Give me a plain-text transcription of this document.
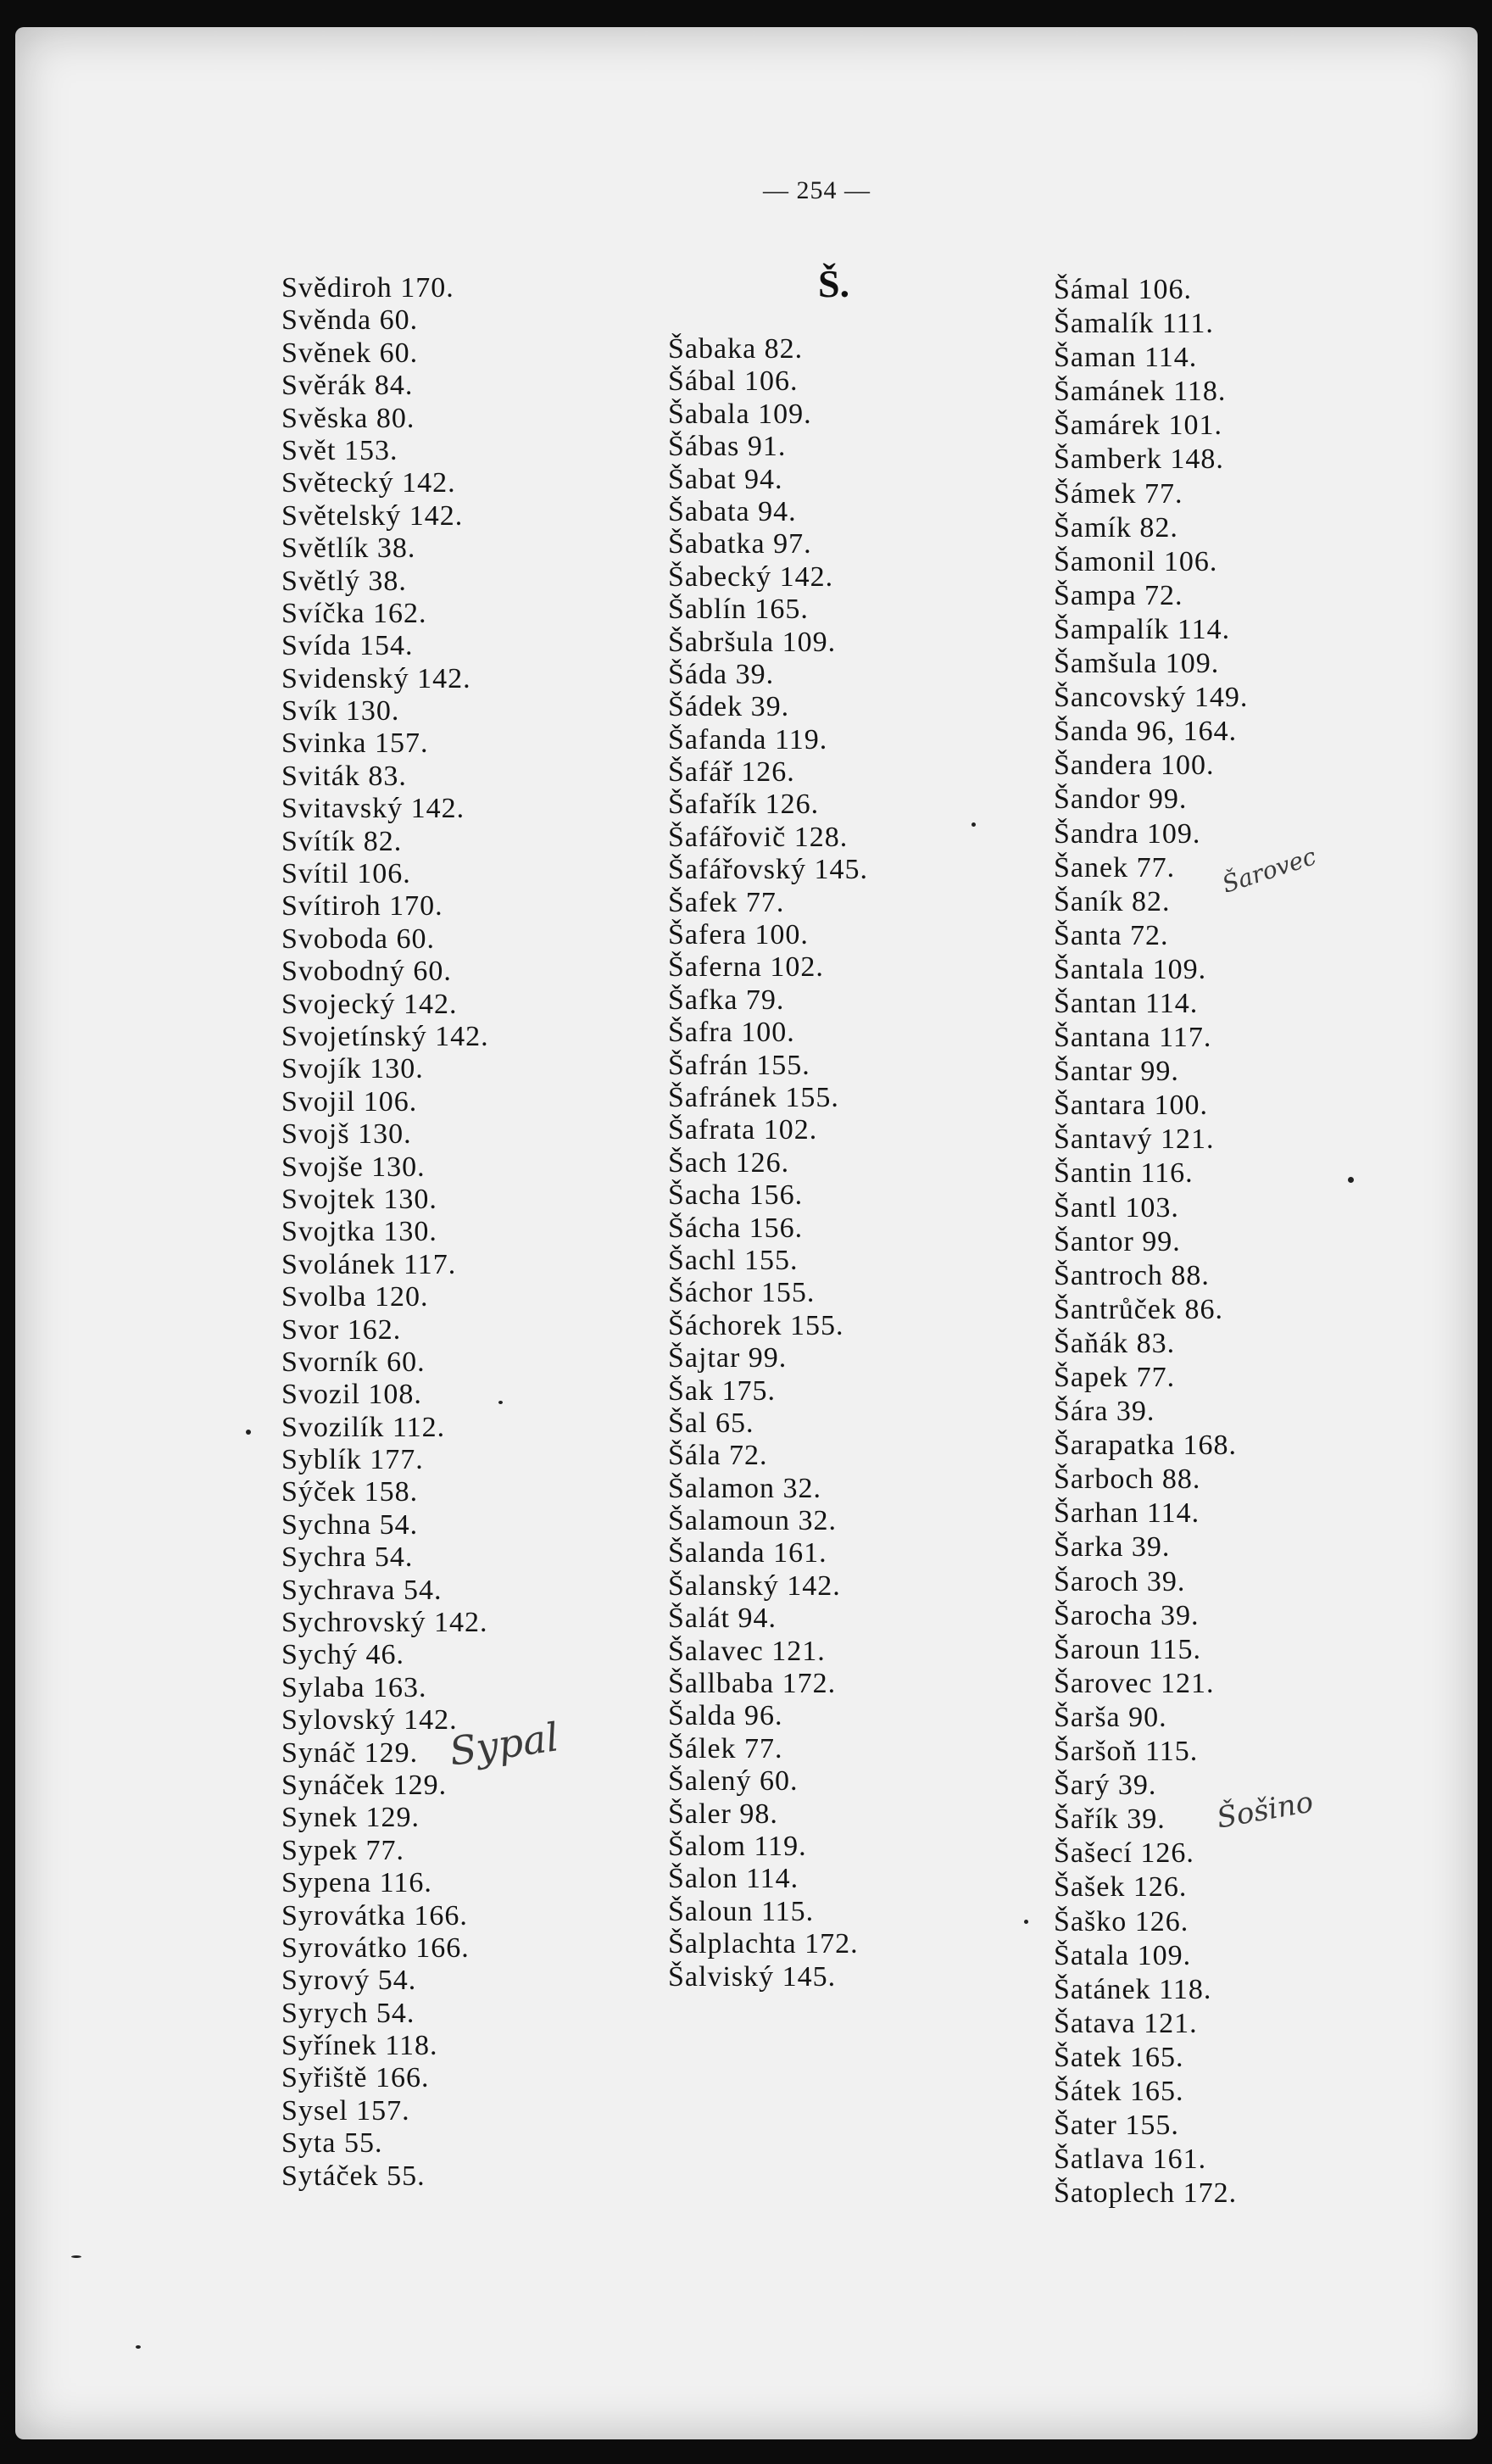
— 254 —
Š.
Svědiroh 170.
Svěnda 60.
Svěnek 60.
Svěrák 84.
Svěska 80.
Svět 153.
Světecký 142.
Světelský 142.
Světlík 38.
Světlý 38.
Svíčka 162.
Svída 154.
Svidenský 142.
Svík 130.
Svinka 157.
Sviták 83.
Svitavský 142.
Svítík 82.
Svítil 106.
Svítiroh 170.
Svoboda 60.
Svobodný 60.
Svojecký 142.
Svojetínský 142.
Svojík 130.
Svojil 106.
Svojš 130.
Svojše 130.
Svojtek 130.
Svojtka 130.
Svolánek 117.
Svolba 120.
Svor 162.
Svorník 60.
Svozil 108.
Svozilík 112.
Syblík 177.
Sýček 158.
Sychna 54.
Sychra 54.
Sychrava 54.
Sychrovský 142.
Sychý 46.
Sylaba 163.
Sylovský 142.
Synáč 129.
Synáček 129.
Synek 129.
Sypek 77.
Sypena 116.
Syrovátka 166.
Syrovátko 166.
Syrový 54.
Syrych 54.
Syřínek 118.
Syřiště 166.
Sysel 157.
Syta 55.
Sytáček 55.
Šabaka 82.
Šábal 106.
Šabala 109.
Šábas 91.
Šabat 94.
Šabata 94.
Šabatka 97.
Šabecký 142.
Šablín 165.
Šabršula 109.
Šáda 39.
Šádek 39.
Šafanda 119.
Šafář 126.
Šafařík 126.
Šafářovič 128.
Šafářovský 145.
Šafek 77.
Šafera 100.
Šaferna 102.
Šafka 79.
Šafra 100.
Šafrán 155.
Šafránek 155.
Šafrata 102.
Šach 126.
Šacha 156.
Šácha 156.
Šachl 155.
Šáchor 155.
Šáchorek 155.
Šajtar 99.
Šak 175.
Šal 65.
Šála 72.
Šalamon 32.
Šalamoun 32.
Šalanda 161.
Šalanský 142.
Šalát 94.
Šalavec 121.
Šallbaba 172.
Šalda 96.
Šálek 77.
Šalený 60.
Šaler 98.
Šalom 119.
Šalon 114.
Šaloun 115.
Šalplachta 172.
Šalviský 145.
Šámal 106.
Šamalík 111.
Šaman 114.
Šamánek 118.
Šamárek 101.
Šamberk 148.
Šámek 77.
Šamík 82.
Šamonil 106.
Šampa 72.
Šampalík 114.
Šamšula 109.
Šancovský 149.
Šanda 96, 164.
Šandera 100.
Šandor 99.
Šandra 109.
Šanek 77.
Šaník 82.
Šanta 72.
Šantala 109.
Šantan 114.
Šantana 117.
Šantar 99.
Šantara 100.
Šantavý 121.
Šantin 116.
Šantl 103.
Šantor 99.
Šantroch 88.
Šantrůček 86.
Šaňák 83.
Šapek 77.
Šára 39.
Šarapatka 168.
Šarboch 88.
Šarhan 114.
Šarka 39.
Šaroch 39.
Šarocha 39.
Šaroun 115.
Šarovec 121.
Šarša 90.
Šaršoň 115.
Šarý 39.
Šařík 39.
Šašecí 126.
Šašek 126.
Šaško 126.
Šatala 109.
Šatánek 118.
Šatava 121.
Šatek 165.
Šátek 165.
Šater 155.
Šatlava 161.
Šatoplech 172.
Sypal
Šarovec
Šošino
